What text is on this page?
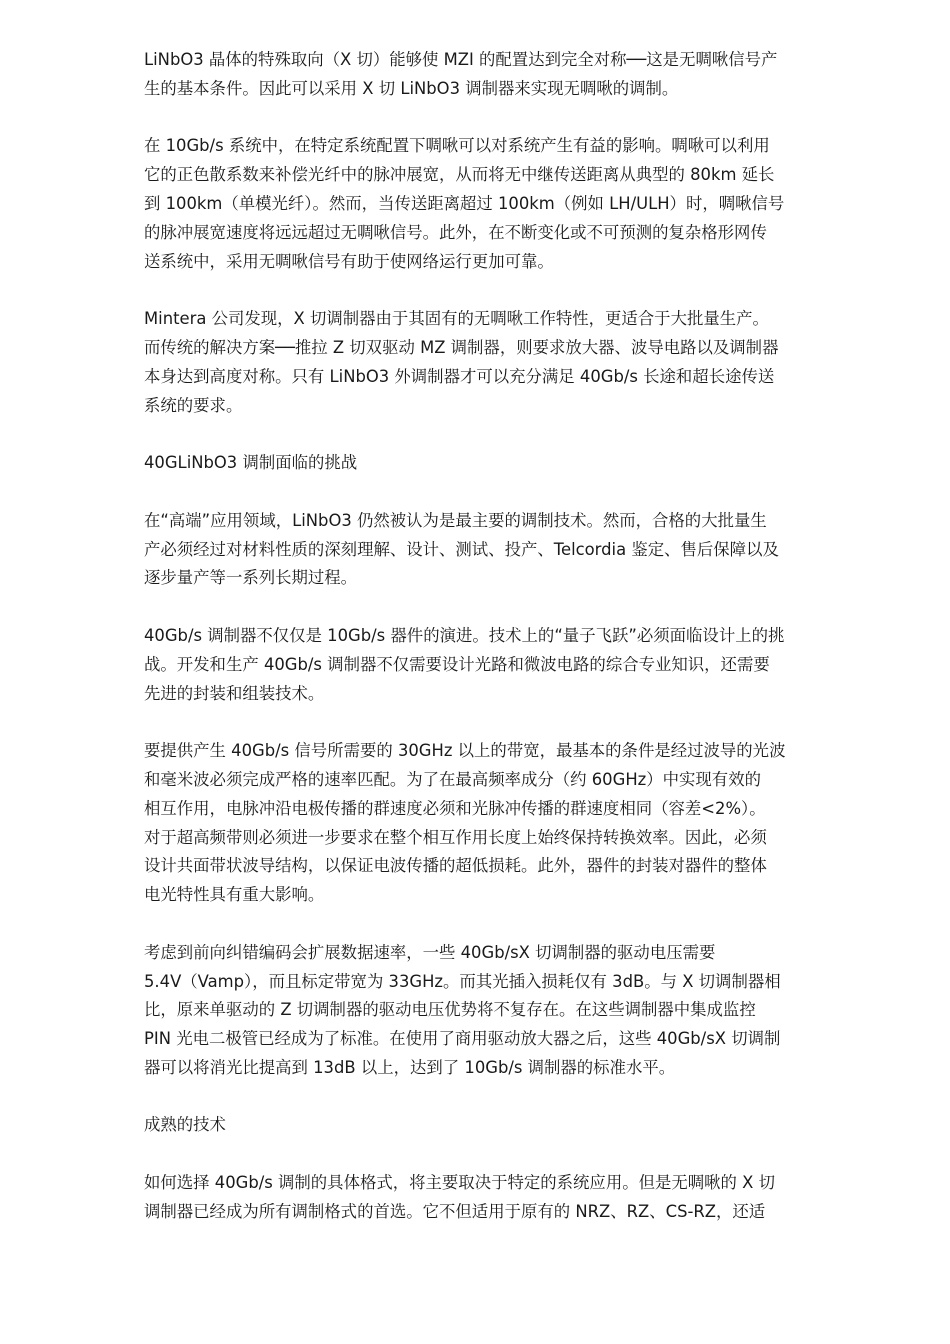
LiNbO3 晶体的特殊取向（X 切）能够使 MZI 的配置达到完全对称──这是无啁啾信号产
生的基本条件。因此可以采用 X 切 LiNbO3 调制器来实现无啁啾的调制。
在 10Gb/s 系统中，在特定系统配置下啁啾可以对系统产生有益的影响。啁啾可以利用
它的正色散系数来补偿光纤中的脉冲展宽，从而将无中继传送距离从典型的 80km 延长
到 100km（单模光纤）。然而，当传送距离超过 100km（例如 LH/ULH）时，啁啾信号
的脉冲展宽速度将远远超过无啁啾信号。此外，在不断变化或不可预测的复杂格形网传
送系统中，采用无啁啾信号有助于使网络运行更加可靠。
Mintera 公司发现，X 切调制器由于其固有的无啁啾工作特性，更适合于大批量生产。
而传统的解决方案──推拉 Z 切双驱动 MZ 调制器，则要求放大器、波导电路以及调制器
本身达到高度对称。只有 LiNbO3 外调制器才可以充分满足 40Gb/s 长途和超长途传送
系统的要求。
40GLiNbO3 调制面临的挑战
在“高端”应用领域，LiNbO3 仍然被认为是最主要的调制技术。然而，合格的大批量生
产必须经过对材料性质的深刻理解、设计、测试、投产、Telcordia 鉴定、售后保障以及
逐步量产等一系列长期过程。
40Gb/s 调制器不仅仅是 10Gb/s 器件的演进。技术上的“量子飞跃”必须面临设计上的挑
战。开发和生产 40Gb/s 调制器不仅需要设计光路和微波电路的综合专业知识，还需要
先进的封装和组装技术。
要提供产生 40Gb/s 信号所需要的 30GHz 以上的带宽，最基本的条件是经过波导的光波
和毫米波必须完成严格的速率匹配。为了在最高频率成分（约 60GHz）中实现有效的
相互作用，电脉冲沿电极传播的群速度必须和光脉冲传播的群速度相同（容差<2%）。
对于超高频带则必须进一步要求在整个相互作用长度上始终保持转换效率。因此，必须
设计共面带状波导结构，以保证电波传播的超低损耗。此外，器件的封装对器件的整体
电光特性具有重大影响。
考虑到前向纠错编码会扩展数据速率，一些 40Gb/sX 切调制器的驱动电压需要
5.4V（Vamp），而且标定带宽为 33GHz。而其光插入损耗仅有 3dB。与 X 切调制器相
比，原来单驱动的 Z 切调制器的驱动电压优势将不复存在。在这些调制器中集成监控
PIN 光电二极管已经成为了标准。在使用了商用驱动放大器之后，这些 40Gb/sX 切调制
器可以将消光比提高到 13dB 以上，达到了 10Gb/s 调制器的标准水平。
成熟的技术
如何选择 40Gb/s 调制的具体格式，将主要取决于特定的系统应用。但是无啁啾的 X 切
调制器已经成为所有调制格式的首选。它不但适用于原有的 NRZ、RZ、CS-RZ，还适
